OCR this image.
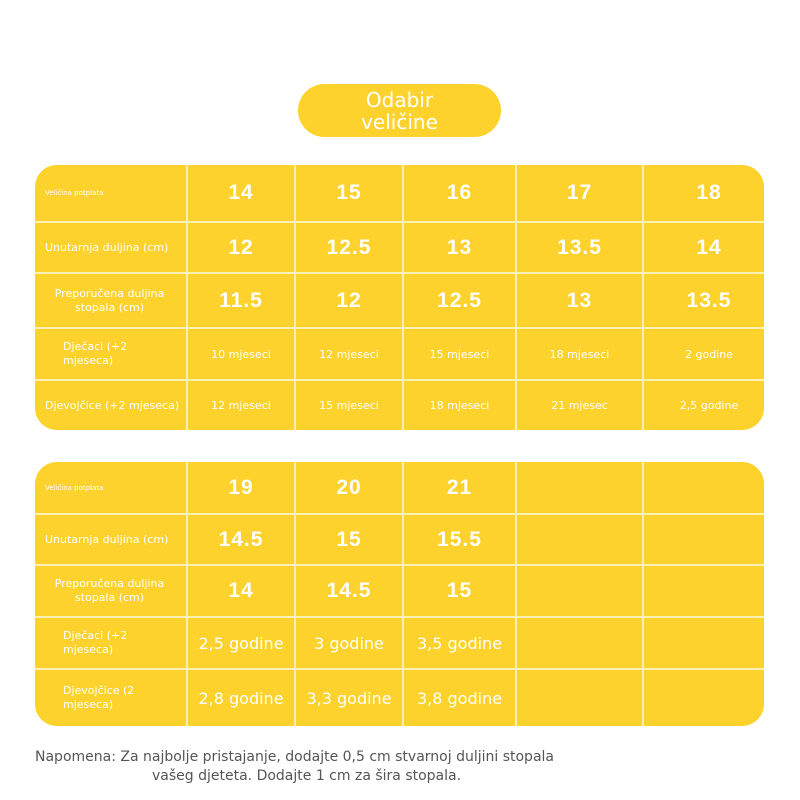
Odabir
veličine
Veličina potplata	14	15	16	17	18
Unutarnja duljina (cm)	12	12.5	13	13.5	14
Preporučena duljina stopala (cm)	11.5	12	12.5	13	13.5
Dječaci (+2 mjeseca)	10 mjeseci	12 mjeseci	15 mjeseci	18 mjeseci	2 godine
Djevojčice (+2 mjeseca)	12 mjeseci	15 mjeseci	18 mjeseci	21 mjesec	2,5 godine
Veličina potplata	19	20	21
Unutarnja duljina (cm)	14.5	15	15.5
Preporučena duljina stopala (cm)	14	14.5	15
Dječaci (+2 mjeseca)	2,5 godine	3 godine	3,5 godine
Djevojčice (2 mjeseca)	2,8 godine	3,3 godine	3,8 godine
Napomena: Za najbolje pristajanje, dodajte 0,5 cm stvarnoj duljini stopala
vašeg djeteta. Dodajte 1 cm za šira stopala.
